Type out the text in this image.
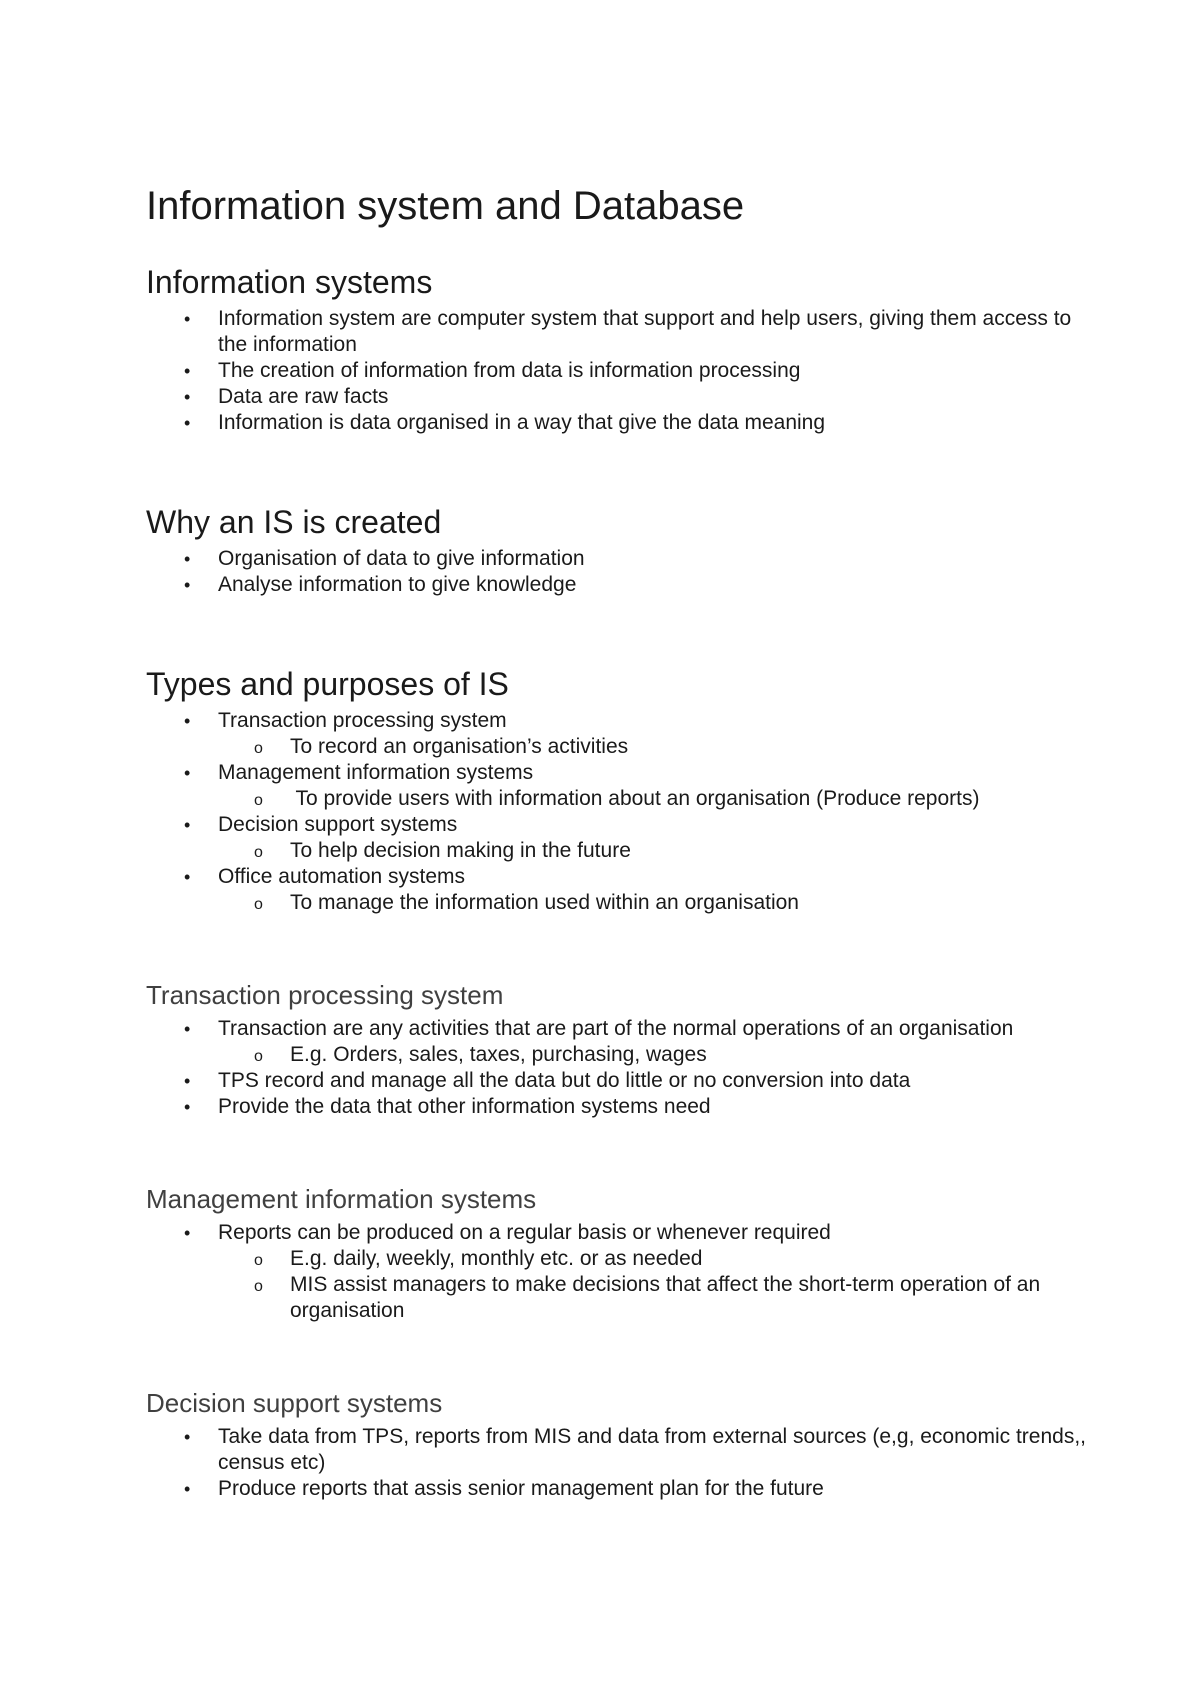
Information system and Database
Information systems
• Information system are computer system that support and help users, giving them access to the information
• The creation of information from data is information processing
• Data are raw facts
• Information is data organised in a way that give the data meaning
Why an IS is created
• Organisation of data to give information
• Analyse information to give knowledge
Types and purposes of IS
• Transaction processing system
o To record an organisation’s activities
• Management information systems
o To provide users with information about an organisation (Produce reports)
• Decision support systems
o To help decision making in the future
• Office automation systems
o To manage the information used within an organisation
Transaction processing system
• Transaction are any activities that are part of the normal operations of an organisation
o E.g. Orders, sales, taxes, purchasing, wages
• TPS record and manage all the data but do little or no conversion into data
• Provide the data that other information systems need
Management information systems
• Reports can be produced on a regular basis or whenever required
o E.g. daily, weekly, monthly etc. or as needed
o MIS assist managers to make decisions that affect the short-term operation of an organisation
Decision support systems
• Take data from TPS, reports from MIS and data from external sources (e,g, economic trends,, census etc)
• Produce reports that assis senior management plan for the future
